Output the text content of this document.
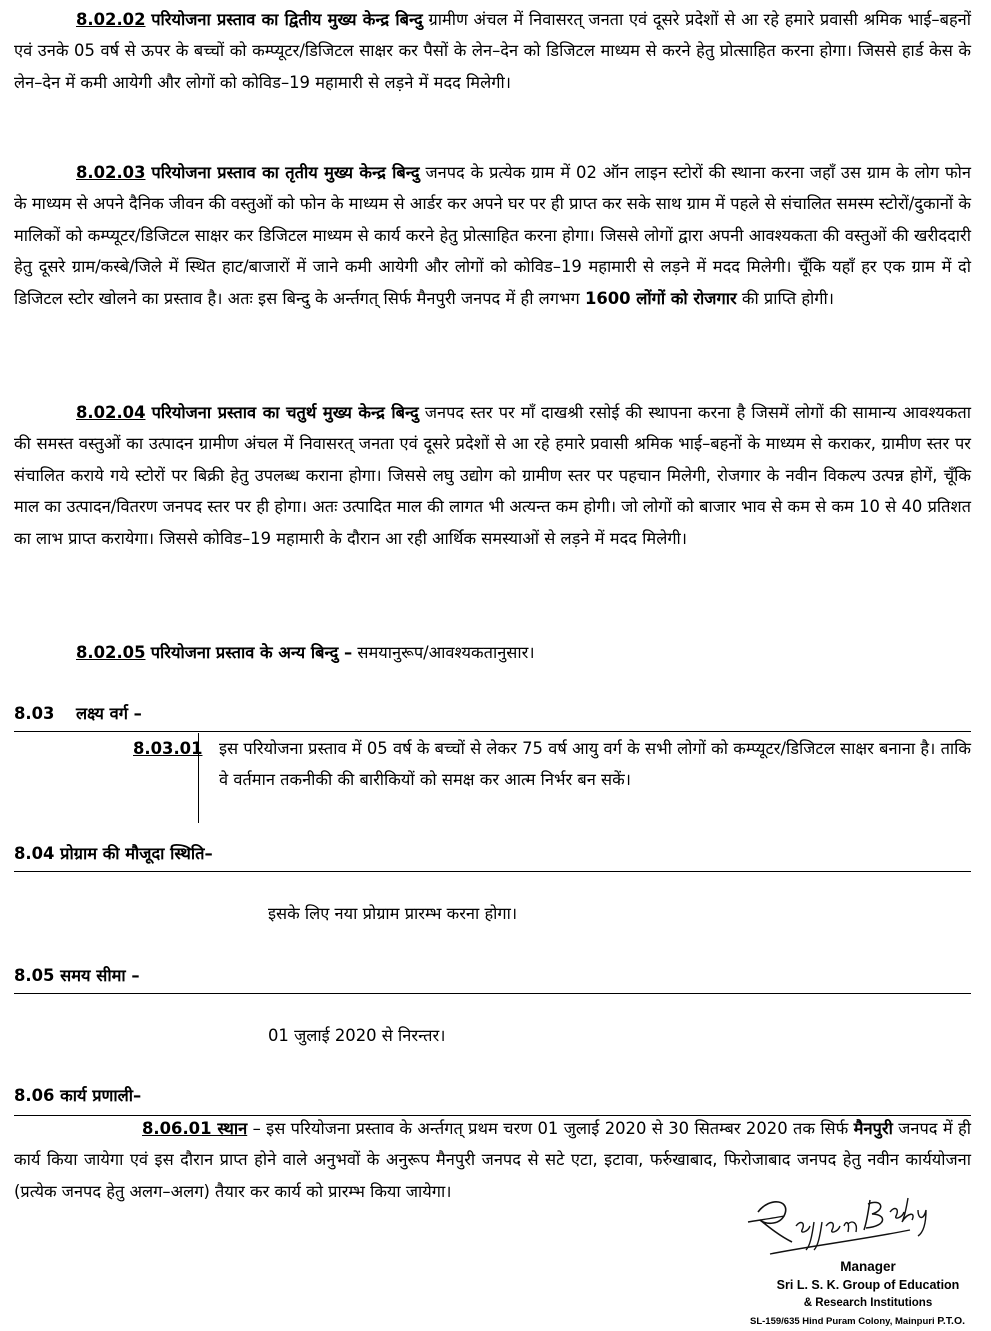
8.02.02 परियोजना प्रस्ताव का द्वितीय मुख्य केन्द्र बिन्दु ग्रामीण अंचल में निवासरत् जनता एवं दूसरे प्रदेशों से आ रहे हमारे प्रवासी श्रमिक भाई–बहनों एवं उनके 05 वर्ष से ऊपर के बच्चों को कम्प्यूटर/डिजिटल साक्षर कर पैसों के लेन–देन को डिजिटल माध्यम से करने हेतु प्रोत्साहित करना होगा। जिससे हार्ड केस के लेन–देन में कमी आयेगी और लोगों को कोविड–19 महामारी से लड़ने में मदद मिलेगी।

8.02.03 परियोजना प्रस्ताव का तृतीय मुख्य केन्द्र बिन्दु जनपद के प्रत्येक ग्राम में 02 ऑन लाइन स्टोरों की स्थाना करना जहाँ उस ग्राम के लोग फोन के माध्यम से अपने दैनिक जीवन की वस्तुओं को फोन के माध्यम से आर्डर कर अपने घर पर ही प्राप्त कर सके साथ ग्राम में पहले से संचालित समस्म स्टोरों/दुकानों के मालिकों को कम्प्यूटर/डिजिटल साक्षर कर डिजिटल माध्यम से कार्य करने हेतु प्रोत्साहित करना होगा। जिससे लोगों द्वारा अपनी आवश्यकता की वस्तुओं की खरीददारी हेतु दूसरे ग्राम/कस्बे/जिले में स्थित हाट/बाजारों में जाने कमी आयेगी और लोगों को कोविड–19 महामारी से लड़ने में मदद मिलेगी। चूँकि यहाँ हर एक ग्राम में दो डिजिटल स्टोर खोलने का प्रस्ताव है। अतः इस बिन्दु के अर्न्तगत् सिर्फ मैनपुरी जनपद में ही लगभग 1600 लोंगों को रोजगार की प्राप्ति होगी।

8.02.04 परियोजना प्रस्ताव का चतुर्थ मुख्य केन्द्र बिन्दु जनपद स्तर पर माँ दाखश्री रसोई की स्थापना करना है जिसमें लोगों की सामान्य आवश्यकता की समस्त वस्तुओं का उत्पादन ग्रामीण अंचल में निवासरत् जनता एवं दूसरे प्रदेशों से आ रहे हमारे प्रवासी श्रमिक भाई–बहनों के माध्यम से कराकर, ग्रामीण स्तर पर संचालित कराये गये स्टोरों पर बिक्री हेतु उपलब्ध कराना होगा। जिससे लघु उद्योग को ग्रामीण स्तर पर पहचान मिलेगी, रोजगार के नवीन विकल्प उत्पन्न होगें, चूँकि माल का उत्पादन/वितरण जनपद स्तर पर ही होगा। अतः उत्पादित माल की लागत भी अत्यन्त कम होगी। जो लोगों को बाजार भाव से कम से कम 10 से 40 प्रतिशत का लाभ प्राप्त करायेगा। जिससे कोविड–19 महामारी के दौरान आ रही आर्थिक समस्याओं से लड़ने में मदद मिलेगी।

8.02.05 परियोजना प्रस्ताव के अन्य बिन्दु – समयानुरूप/आवश्यकतानुसार।

8.03 लक्ष्य वर्ग –
8.03.01 इस परियोजना प्रस्ताव में 05 वर्ष के बच्चों से लेकर 75 वर्ष आयु वर्ग के सभी लोगों को कम्प्यूटर/डिजिटल साक्षर बनाना है। ताकि वे वर्तमान तकनीकी की बारीकियों को समक्ष कर आत्म निर्भर बन सकें।
8.04 प्रोग्राम की मौजूदा स्थिति–
इसके लिए नया प्रोग्राम प्रारम्भ करना होगा।
8.05 समय सीमा –
01 जुलाई 2020 से निरन्तर।
8.06 कार्य प्रणाली–

8.06.01 स्थान – इस परियोजना प्रस्ताव के अर्न्तगत् प्रथम चरण 01 जुलाई 2020 से 30 सितम्बर 2020 तक सिर्फ मैनपुरी जनपद में ही कार्य किया जायेगा एवं इस दौरान प्राप्त होने वाले अनुभवों के अनुरूप मैनपुरी जनपद से सटे एटा, इटावा, फर्रुखाबाद, फिरोजाबाद जनपद हेतु नवीन कार्ययोजना (प्रत्येक जनपद हेतु अलग–अलग) तैयार कर कार्य को प्रारम्भ किया जायेगा।

Manager
Sri L. S. K. Group of Education
& Research Institutions
SL-159/635 Hind Puram Colony, Mainpuri P.T.O.
